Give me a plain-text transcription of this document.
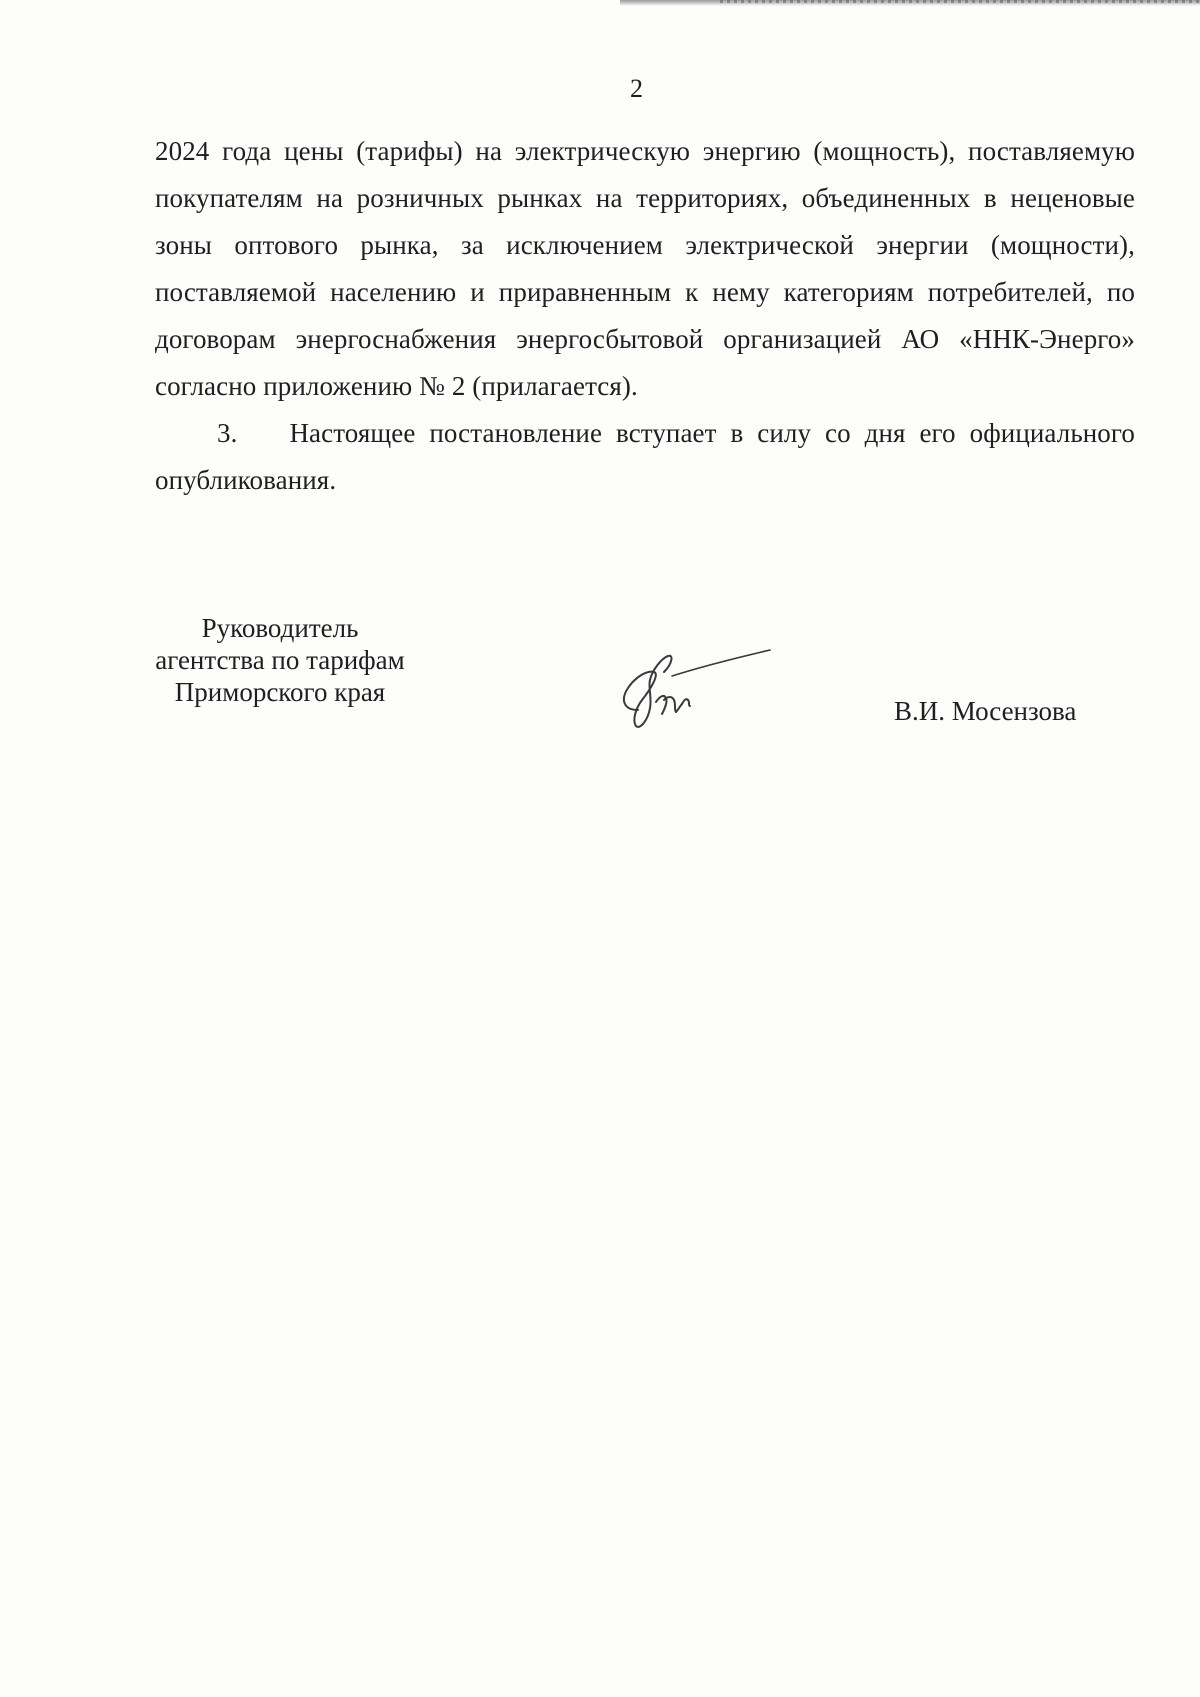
2

2024 года цены (тарифы) на электрическую энергию (мощность), поставляемую покупателям на розничных рынках на территориях, объединенных в неценовые зоны оптового рынка, за исключением электрической энергии (мощности), поставляемой населению и приравненным к нему категориям потребителей, по договорам энергоснабжения энергосбытовой организацией АО «ННК-Энерго» согласно приложению № 2 (прилагается).

3. Настоящее постановление вступает в силу со дня его официального опубликования.

Руководитель
агентства по тарифам
Приморского края
В.И. Мосензова
